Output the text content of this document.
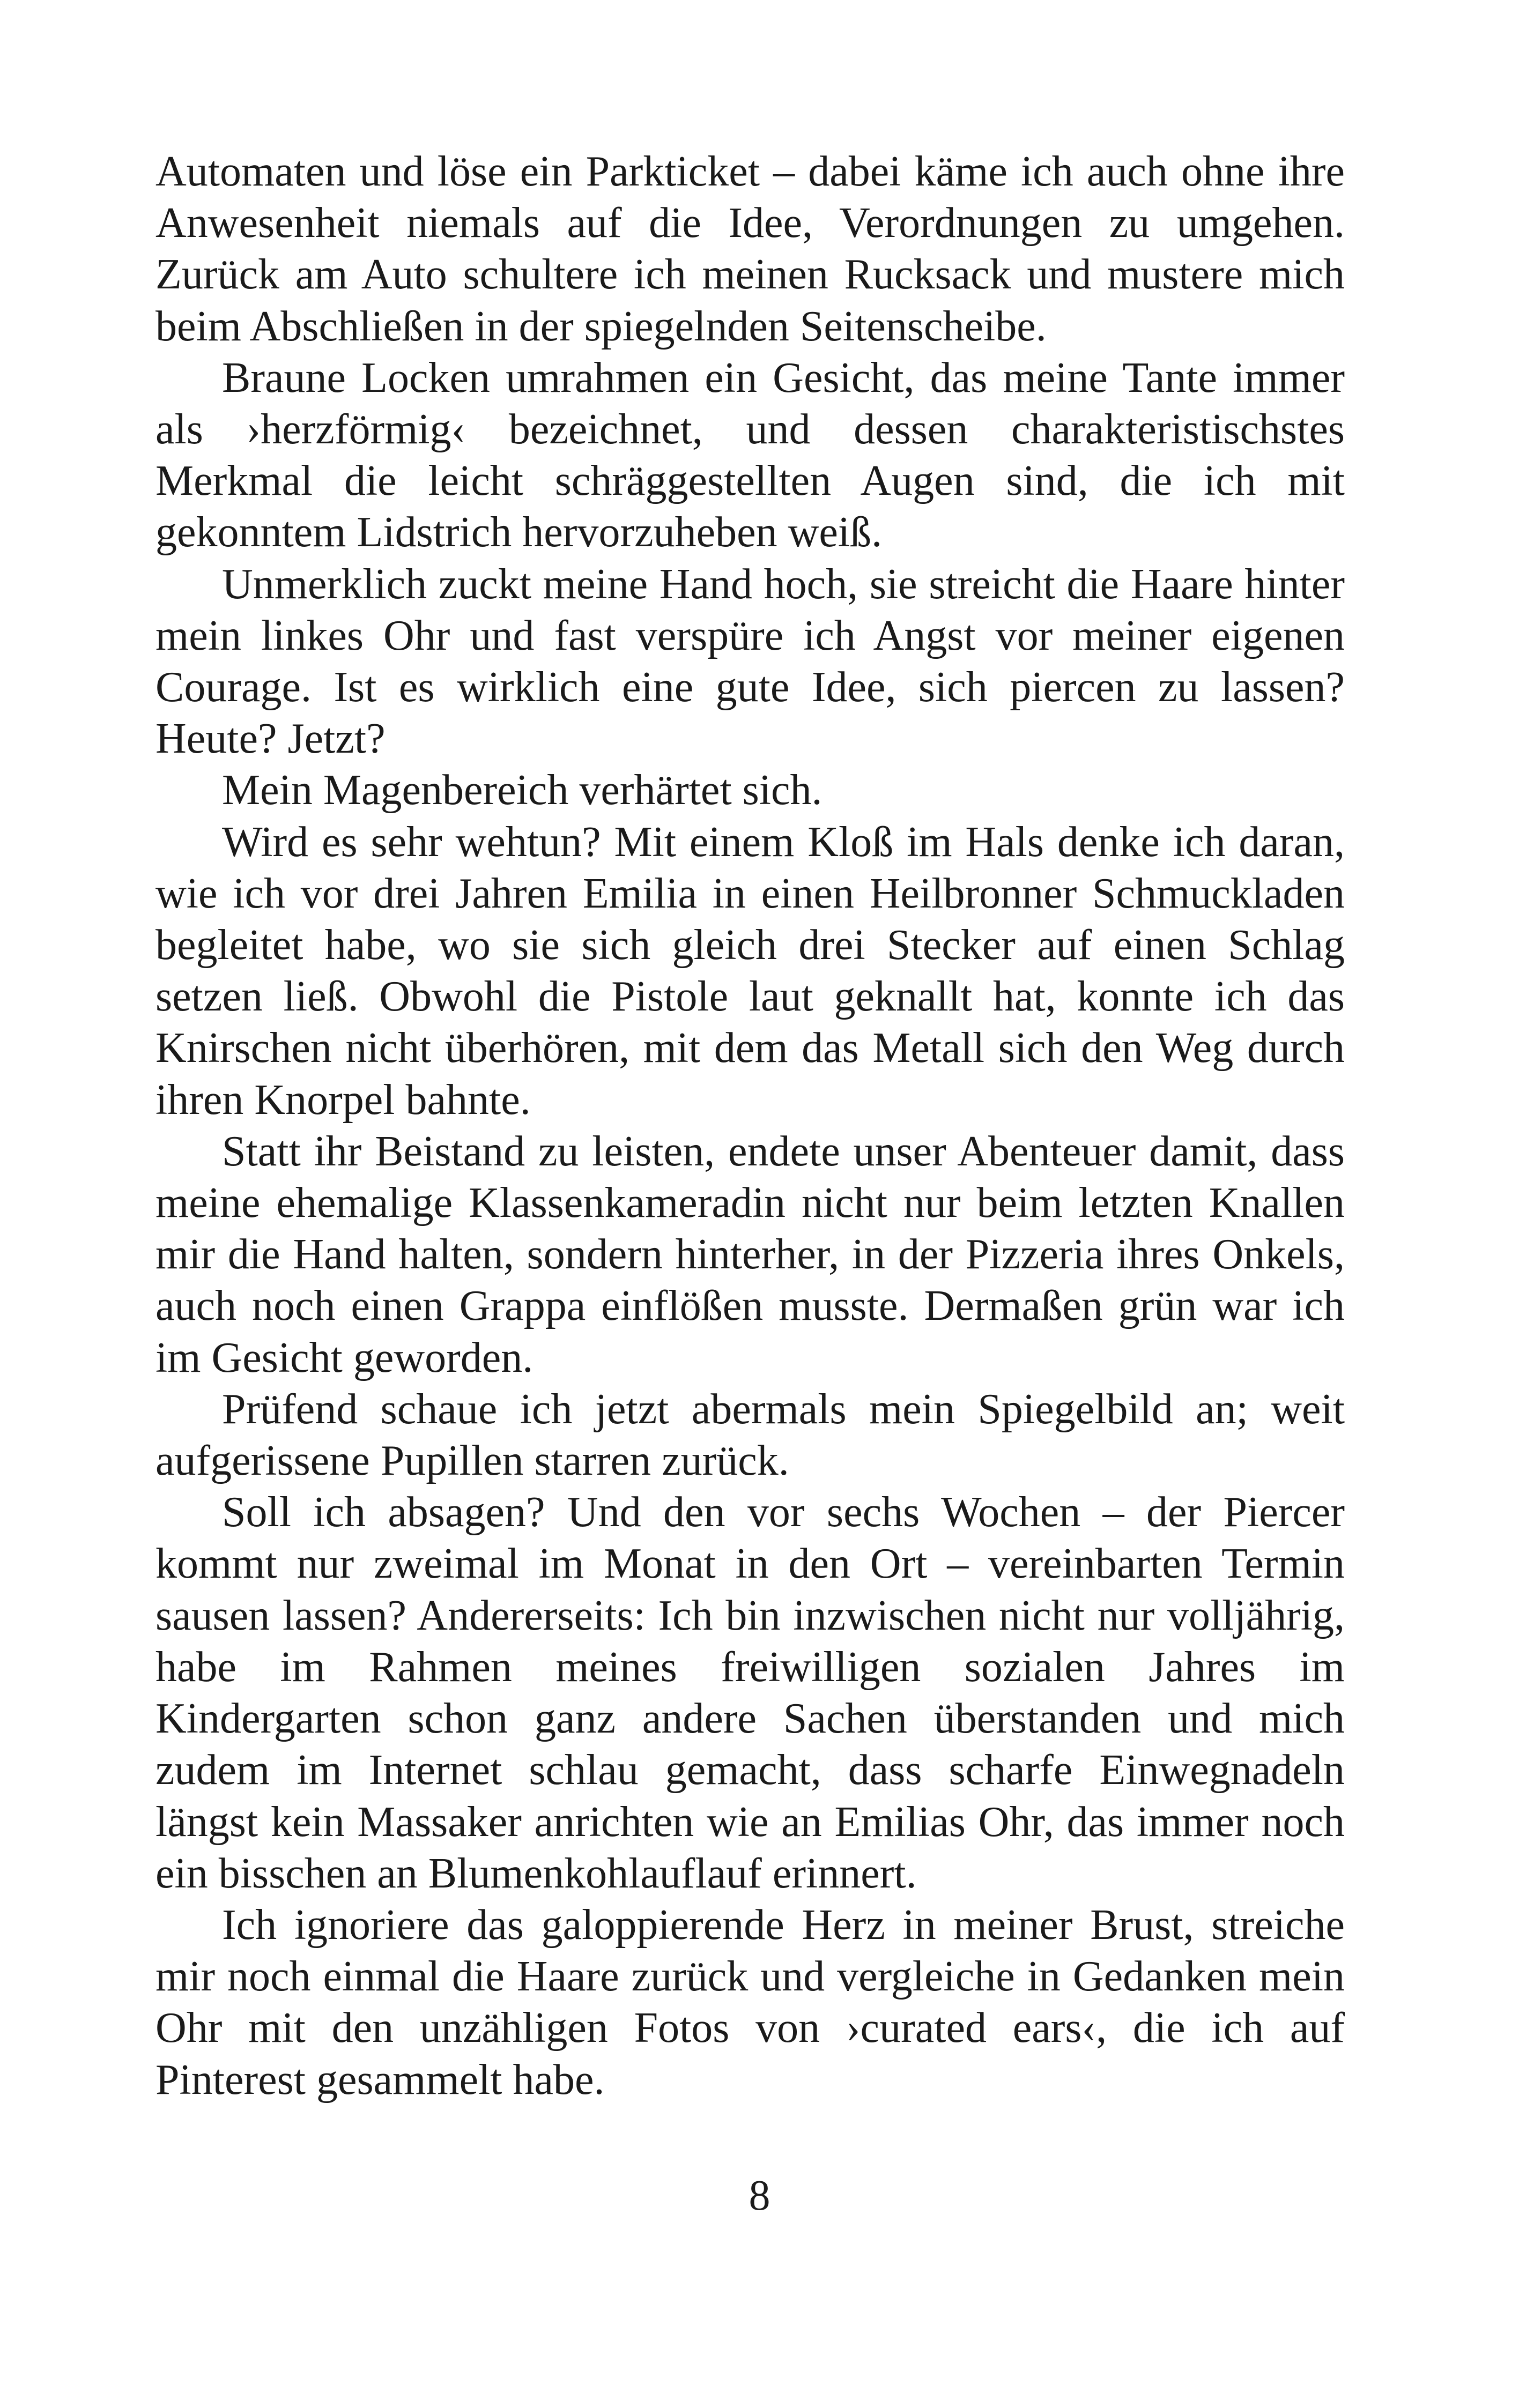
Automaten und löse ein Parkticket – dabei käme ich auch ohne ihre Anwesenheit niemals auf die Idee, Verordnungen zu umgehen. Zurück am Auto schultere ich meinen Rucksack und mustere mich beim Abschließen in der spiegelnden Seitenscheibe.

Braune Locken umrahmen ein Gesicht, das meine Tante immer als ›herzförmig‹ bezeichnet, und dessen charakteristischstes Merkmal die leicht schräggestellten Augen sind, die ich mit gekonntem Lidstrich hervorzuheben weiß.

Unmerklich zuckt meine Hand hoch, sie streicht die Haare hinter mein linkes Ohr und fast verspüre ich Angst vor meiner eigenen Courage. Ist es wirklich eine gute Idee, sich piercen zu lassen? Heute? Jetzt?

Mein Magenbereich verhärtet sich.

Wird es sehr wehtun? Mit einem Kloß im Hals denke ich daran, wie ich vor drei Jahren Emilia in einen Heilbronner Schmuckladen begleitet habe, wo sie sich gleich drei Stecker auf einen Schlag setzen ließ. Obwohl die Pistole laut geknallt hat, konnte ich das Knirschen nicht überhören, mit dem das Metall sich den Weg durch ihren Knorpel bahnte.

Statt ihr Beistand zu leisten, endete unser Abenteuer damit, dass meine ehemalige Klassenkameradin nicht nur beim letzten Knallen mir die Hand halten, sondern hinterher, in der Pizzeria ihres Onkels, auch noch einen Grappa einflößen musste. Dermaßen grün war ich im Gesicht geworden.

Prüfend schaue ich jetzt abermals mein Spiegelbild an; weit aufgerissene Pupillen starren zurück.

Soll ich absagen? Und den vor sechs Wochen – der Piercer kommt nur zweimal im Monat in den Ort – vereinbarten Termin sausen lassen? Andererseits: Ich bin inzwischen nicht nur volljährig, habe im Rahmen meines freiwilligen sozialen Jahres im Kindergarten schon ganz andere Sachen überstanden und mich zudem im Internet schlau gemacht, dass scharfe Einwegnadeln längst kein Massaker anrichten wie an Emilias Ohr, das immer noch ein bisschen an Blumenkohlauflauf erinnert.

Ich ignoriere das galoppierende Herz in meiner Brust, streiche mir noch einmal die Haare zurück und vergleiche in Gedanken mein Ohr mit den unzähligen Fotos von ›curated ears‹, die ich auf Pinterest gesammelt habe.

8
